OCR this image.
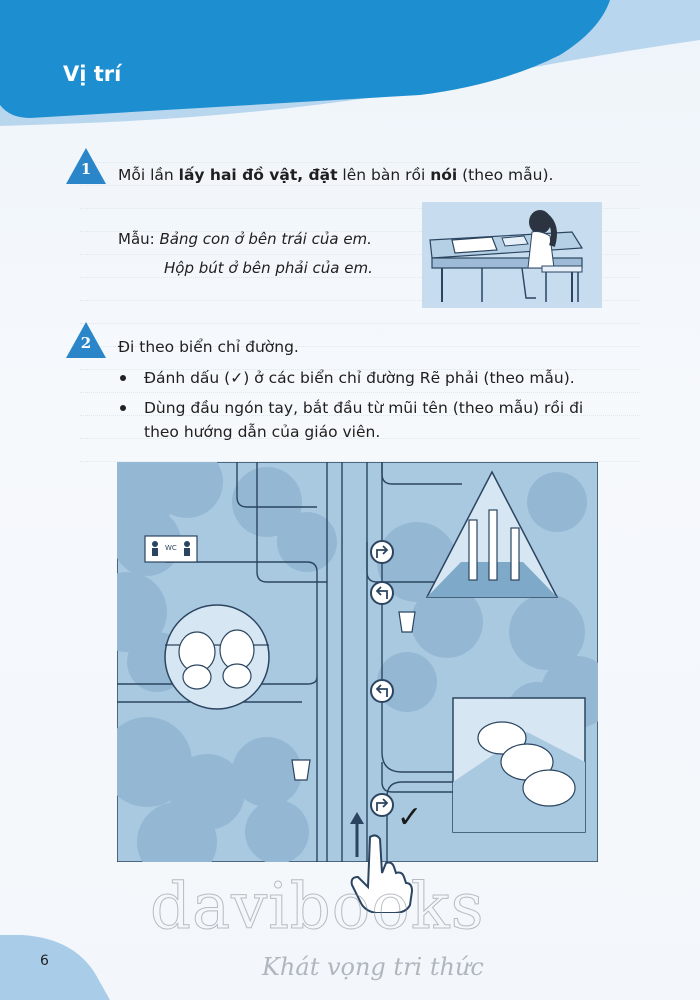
Vị trí
1	Mỗi lần lấy hai đồ vật, đặt lên bàn rồi nói (theo mẫu).
Mẫu: Bảng con ở bên trái của em.
Hộp bút ở bên phải của em.
2	Đi theo biển chỉ đường.
Đánh dấu (✓) ở các biển chỉ đường Rẽ phải (theo mẫu).
Dùng đầu ngón tay, bắt đầu từ mũi tên (theo mẫu) rồi đi theo hướng dẫn của giáo viên.
WC
✓
6
davibooks
Khát vọng tri thức
